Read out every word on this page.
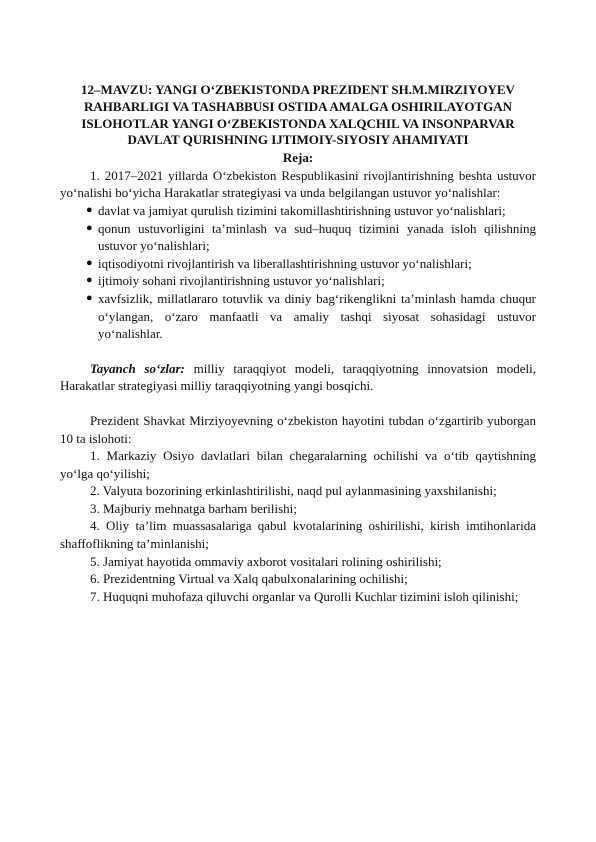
12–MAVZU: YANGI O‘ZBEKISTONDA PREZIDENT SH.M.MIRZIYOYEV RAHBARLIGI VA TASHABBUSI OSTIDA AMALGA OSHIRILAYOTGAN ISLOHOTLAR YANGI O‘ZBEKISTONDA XALQCHIL VA INSONPARVAR DAVLAT QURISHNING IJTIMOIY-SIYOSIY AHAMIYATI

Reja:

1. 2017–2021 yillarda O‘zbekiston Respublikasini rivojlantirishning beshta ustuvor yo‘nalishi bo‘yicha Harakatlar strategiyasi va unda belgilangan ustuvor yo‘nalishlar:

● davlat va jamiyat qurulish tizimini takomillashtirishning ustuvor yo‘nalishlari;
● qonun ustuvorligini ta’minlash va sud–huquq tizimini yanada isloh qilishning ustuvor yo‘nalishlari;
● iqtisodiyotni rivojlantirish va liberallashtirishning ustuvor yo‘nalishlari;
● ijtimoiy sohani rivojlantirishning ustuvor yo‘nalishlari;
● xavfsizlik, millatlararo totuvlik va diniy bag‘rikenglikni ta’minlash hamda chuqur o‘ylangan, o‘zaro manfaatli va amaliy tashqi siyosat sohasidagi ustuvor yo‘nalishlar.

Tayanch so‘zlar: milliy taraqqiyot modeli, taraqqiyotning innovatsion modeli, Harakatlar strategiyasi milliy taraqqiyotning yangi bosqichi.

Prezident Shavkat Mirziyoyevning o‘zbekiston hayotini tubdan o‘zgartirib yuborgan 10 ta islohoti:

1. Markaziy Osiyo davlatlari bilan chegaralarning ochilishi va o‘tib qaytishning yo‘lga qo‘yilishi;

2. Valyuta bozorining erkinlashtirilishi, naqd pul aylanmasining yaxshilanishi;

3. Majburiy mehnatga barham berilishi;

4. Oliy ta’lim muassasalariga qabul kvotalarining oshirilishi, kirish imtihonlarida shaffoflikning ta’minlanishi;

5. Jamiyat hayotida ommaviy axborot vositalari rolining oshirilishi;

6. Prezidentning Virtual va Xalq qabulxonalarining ochilishi;

7. Huquqni muhofaza qiluvchi organlar va Qurolli Kuchlar tizimini isloh qilinishi;
